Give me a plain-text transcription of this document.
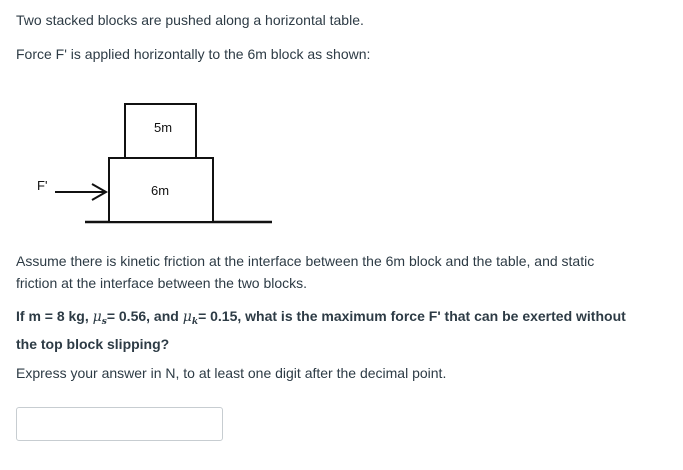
Two stacked blocks are pushed along a horizontal table.

Force F' is applied horizontally to the 6m block as shown:

5m
6m
F'

Assume there is kinetic friction at the interface between the 6m block and the table, and static
friction at the interface between the two blocks.

If m = 8 kg, $\mu_s= 0.56$, and $\mu_k= 0.15$, what is the maximum force F' that can be exerted without
the top block slipping?

Express your answer in N, to at least one digit after the decimal point.
